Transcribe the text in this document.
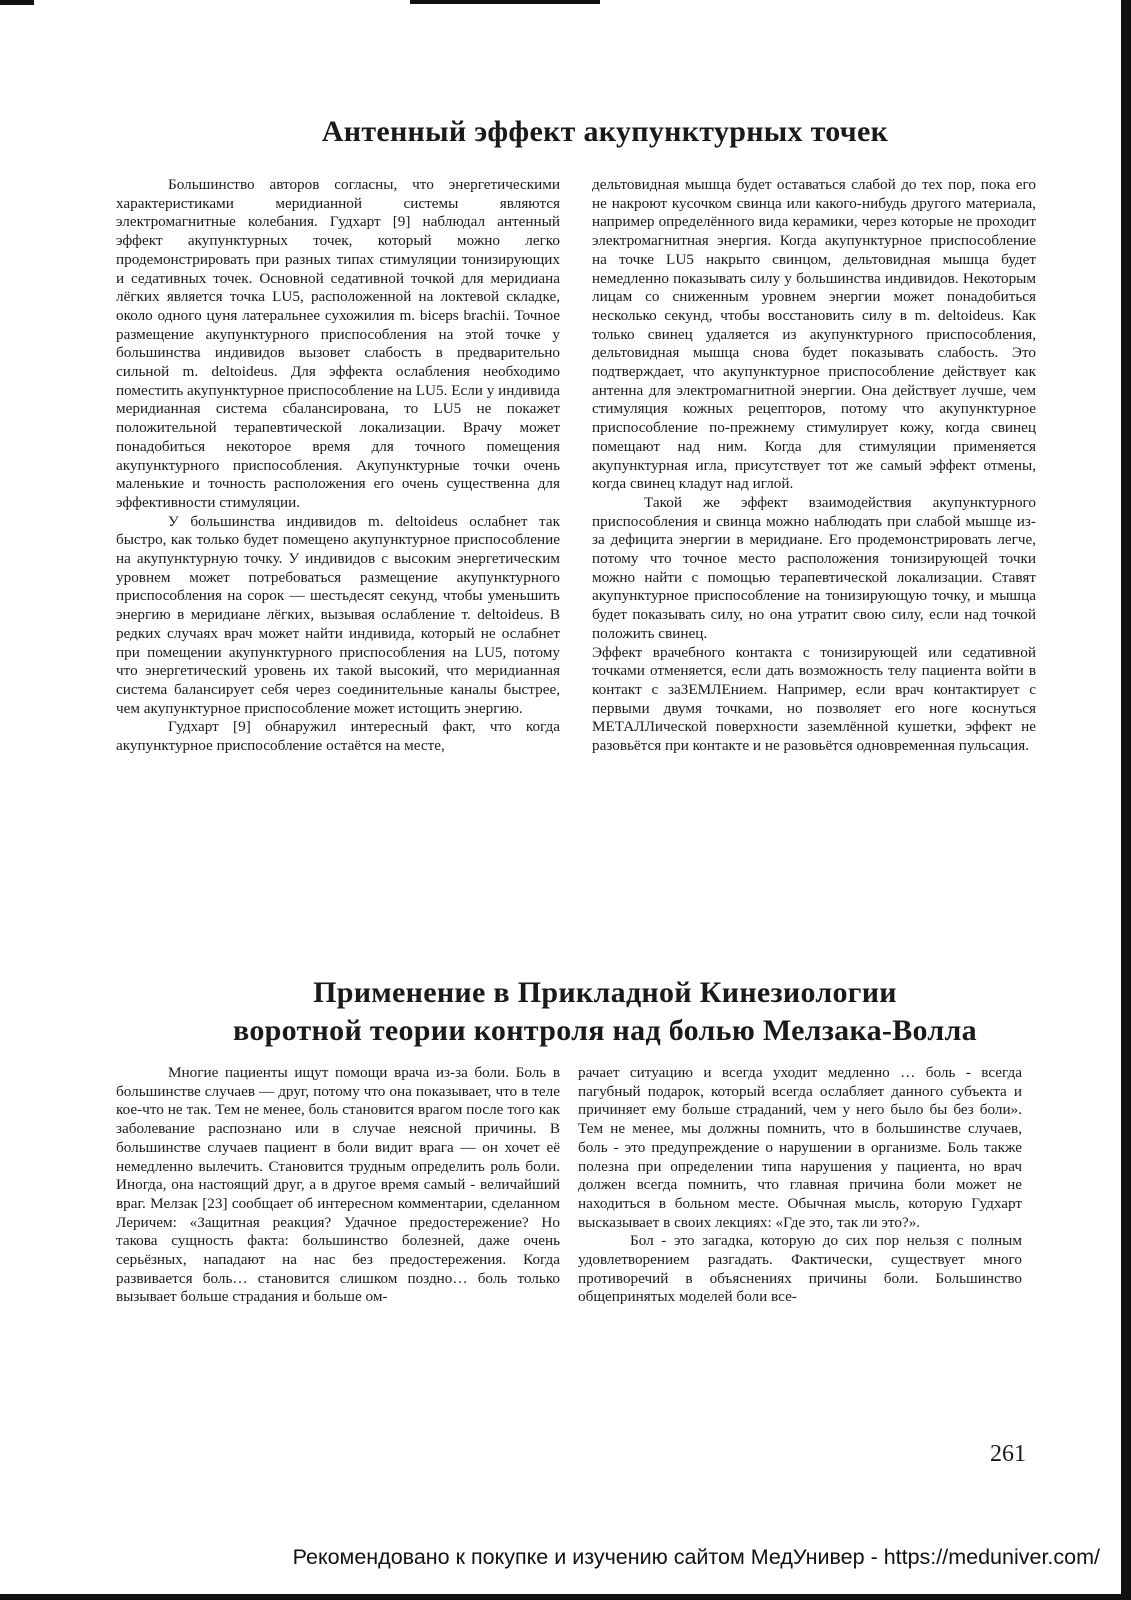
Антенный эффект акупунктурных точек

Большинство авторов согласны, что энергетическими характеристиками меридианной системы являются электромагнитные колебания. Гудхарт [9] наблюдал антенный эффект акупунктурных точек, который можно легко продемонстрировать при разных типах стимуляции тонизирующих и седативных точек. Основной седативной точкой для меридиана лёгких является точка LU5, расположенной на локтевой складке, около одного цуня латеральнее сухожилия m. biceps brachii. Точное размещение акупунктурного приспособления на этой точке у большинства индивидов вызовет слабость в предварительно сильной m. deltoideus. Для эффекта ослабления необходимо поместить акупунктурное приспособление на LU5. Если у индивида меридианная система сбалансирована, то LU5 не покажет положительной терапевтической локализации. Врачу может понадобиться некоторое время для точного помещения акупунктурного приспособления. Акупунктурные точки очень маленькие и точность расположения его очень существенна для эффективности стимуляции.

У большинства индивидов m. deltoideus ослабнет так быстро, как только будет помещено акупунктурное приспособление на акупунктурную точку. У индивидов с высоким энергетическим уровнем может потребоваться размещение акупунктурного приспособления на сорок — шестьдесят секунд, чтобы уменьшить энергию в меридиане лёгких, вызывая ослабление т. deltoideus. В редких случаях врач может найти индивида, который не ослабнет при помещении акупунктурного приспособления на LU5, потому что энергетический уровень их такой высокий, что меридианная система балансирует себя через соединительные каналы быстрее, чем акупунктурное приспособление может истощить энергию.

Гудхарт [9] обнаружил интересный факт, что когда акупунктурное приспособление остаётся на месте,

дельтовидная мышца будет оставаться слабой до тех пор, пока его не накроют кусочком свинца или какого-нибудь другого материала, например определённого вида керамики, через которые не проходит электромагнитная энергия. Когда акупунктурное приспособление на точке LU5 накрыто свинцом, дельтовидная мышца будет немедленно показывать силу у большинства индивидов. Некоторым лицам со сниженным уровнем энергии может понадобиться несколько секунд, чтобы восстановить силу в m. deltoideus. Как только свинец удаляется из акупунктурного приспособления, дельтовидная мышца снова будет показывать слабость. Это подтверждает, что акупунктурное приспособление действует как антенна для электромагнитной энергии. Она действует лучше, чем стимуляция кожных рецепторов, потому что акупунктурное приспособление по-прежнему стимулирует кожу, когда свинец помещают над ним. Когда для стимуляции применяется акупунктурная игла, присутствует тот же самый эффект отмены, когда свинец кладут над иглой.

Такой же эффект взаимодействия акупунктурного приспособления и свинца можно наблюдать при слабой мышце из-за дефицита энергии в меридиане. Его продемонстрировать легче, потому что точное место расположения тонизирующей точки можно найти с помощью терапевтической локализации. Ставят акупунктурное приспособление на тонизирующую точку, и мышца будет показывать силу, но она утратит свою силу, если над точкой положить свинец.

Эффект врачебного контакта с тонизирующей или седативной точками отменяется, если дать возможность телу пациента войти в контакт с заЗЕМЛЕнием. Например, если врач контактирует с первыми двумя точками, но позволяет его ноге коснуться МЕТАЛЛической поверхности заземлённой кушетки, эффект не разовьётся при контакте и не разовьётся одновременная пульсация.

Применение в Прикладной Кинезиологии
воротной теории контроля над болью Мелзака-Волла

Многие пациенты ищут помощи врача из-за боли. Боль в большинстве случаев — друг, потому что она показывает, что в теле кое-что не так. Тем не менее, боль становится врагом после того как заболевание распознано или в случае неясной причины. В большинстве случаев пациент в боли видит врага — он хочет её немедленно вылечить. Становится трудным определить роль боли. Иногда, она настоящий друг, а в другое время самый - величайший враг. Мелзак [23] сообщает об интересном комментарии, сделанном Леричем: «Защитная реакция? Удачное предостережение? Но такова сущность факта: большинство болезней, даже очень серьёзных, нападают на нас без предостережения. Когда развивается боль… становится слишком поздно… боль только вызывает больше страдания и больше ом-

рачает ситуацию и всегда уходит медленно … боль - всегда пагубный подарок, который всегда ослабляет данного субъекта и причиняет ему больше страданий, чем у него было бы без боли». Тем не менее, мы должны помнить, что в большинстве случаев, боль - это предупреждение о нарушении в организме. Боль также полезна при определении типа нарушения у пациента, но врач должен всегда помнить, что главная причина боли может не находиться в больном месте. Обычная мысль, которую Гудхарт высказывает в своих лекциях: «Где это, так ли это?».

Бол - это загадка, которую до сих пор нельзя с полным удовлетворением разгадать. Фактически, существует много противоречий в объяснениях причины боли. Большинство общепринятых моделей боли все-

261
Рекомендовано к покупке и изучению сайтом МедУнивер - https://meduniver.com/
